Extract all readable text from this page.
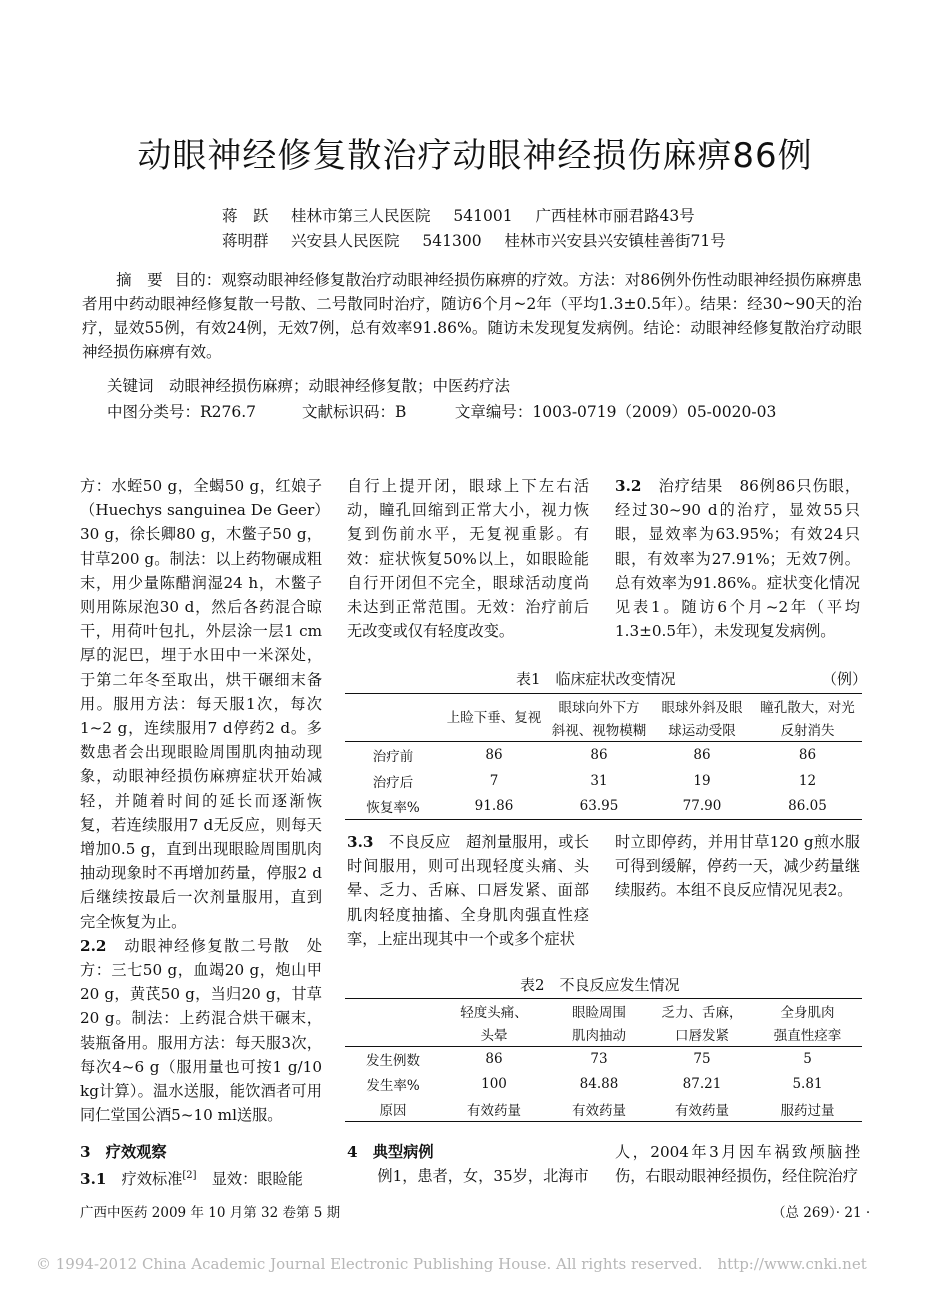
动眼神经修复散治疗动眼神经损伤麻痹86例
蒋　跃 桂林市第三人民医院 541001 广西桂林市丽君路43号
蒋明群 兴安县人民医院 541300 桂林市兴安县兴安镇桂善街71号
摘　要 目的：观察动眼神经修复散治疗动眼神经损伤麻痹的疗效。方法：对86例外伤性动眼神经损伤麻痹患者用中药动眼神经修复散一号散、二号散同时治疗，随访6个月~2年（平均1.3±0.5年）。结果：经30~90天的治疗，显效55例，有效24例，无效7例，总有效率91.86%。随访未发现复发病例。结论：动眼神经修复散治疗动眼神经损伤麻痹有效。
关键词　动眼神经损伤麻痹；动眼神经修复散；中医药疗法
中图分类号：R276.7	文献标识码：B	文章编号：1003-0719（2009）05-0020-03

方：水蛭50 g，全蝎50 g，红娘子（Huechys sanguinea De Geer）30 g，徐长卿80 g，木鳖子50 g，甘草200 g。制法：以上药物碾成粗末，用少量陈醋润湿24 h，木鳖子则用陈尿泡30 d，然后各药混合晾干，用荷叶包扎，外层涂一层1 cm厚的泥巴，埋于水田中一米深处，于第二年冬至取出，烘干碾细末备用。服用方法：每天服1次，每次1~2 g，连续服用7 d停药2 d。多数患者会出现眼睑周围肌肉抽动现象，动眼神经损伤麻痹症状开始减轻，并随着时间的延长而逐渐恢复，若连续服用7 d无反应，则每天增加0.5 g，直到出现眼睑周围肌肉抽动现象时不再增加药量，停服2 d后继续按最后一次剂量服用，直到完全恢复为止。

2.2　 动眼神经修复散二号散　处方：三七50 g，血竭20 g，炮山甲20 g，黄芪50 g，当归20 g，甘草20 g。制法：上药混合烘干碾末，装瓶备用。服用方法：每天服3次，每次4~6 g（服用量也可按1 g/10 kg计算）。温水送服，能饮酒者可用同仁堂国公酒5~10 ml送服。

3　疗效观察

3.1　 疗效标准[2]　显效：眼睑能

自行上提开闭，眼球上下左右活动，瞳孔回缩到正常大小，视力恢复到伤前水平，无复视重影。有效：症状恢复50%以上，如眼睑能自行开闭但不完全，眼球活动度尚未达到正常范围。无效：治疗前后无改变或仅有轻度改变。

3.2　 治疗结果　86例86只伤眼，经过30~90 d的治疗，显效55只眼，显效率为63.95%；有效24只眼，有效率为27.91%；无效7例。总有效率为91.86%。症状变化情况见表1。随访6个月~2年（平均1.3±0.5年），未发现复发病例。

表1　临床症状改变情况	（例）
		眼球向外下方	眼球外斜及眼	瞳孔散大，对光
	上睑下垂、复视	斜视、视物模糊	球运动受限	反射消失
治疗前	86	86	86	86
治疗后	7	31	19	12
恢复率%	91.86	63.95	77.90	86.05

3.3　 不良反应　超剂量服用，或长时间服用，则可出现轻度头痛、头晕、乏力、舌麻、口唇发紧、面部肌肉轻度抽搐、全身肌肉强直性痉挛，上症出现其中一个或多个症状

时立即停药，并用甘草120 g煎水服可得到缓解，停药一天，减少药量继续服药。本组不良反应情况见表2。

表2　不良反应发生情况
	轻度头痛、	眼睑周围	乏力、舌麻，	全身肌肉
	头晕	肌肉抽动	口唇发紧	强直性痉挛
发生例数	86	73	75	5
发生率%	100	84.88	87.21	5.81
原因	有效药量	有效药量	有效药量	服药过量

4　典型病例

例1，患者，女，35岁，北海市

人，2004年3月因车祸致颅脑挫伤，右眼动眼神经损伤，经住院治疗

广西中医药 2009 年 10 月第 32 卷第 5 期	（总 269）· 21 ·
© 1994-2012 China Academic Journal Electronic Publishing House. All rights reserved.　http://www.cnki.net
